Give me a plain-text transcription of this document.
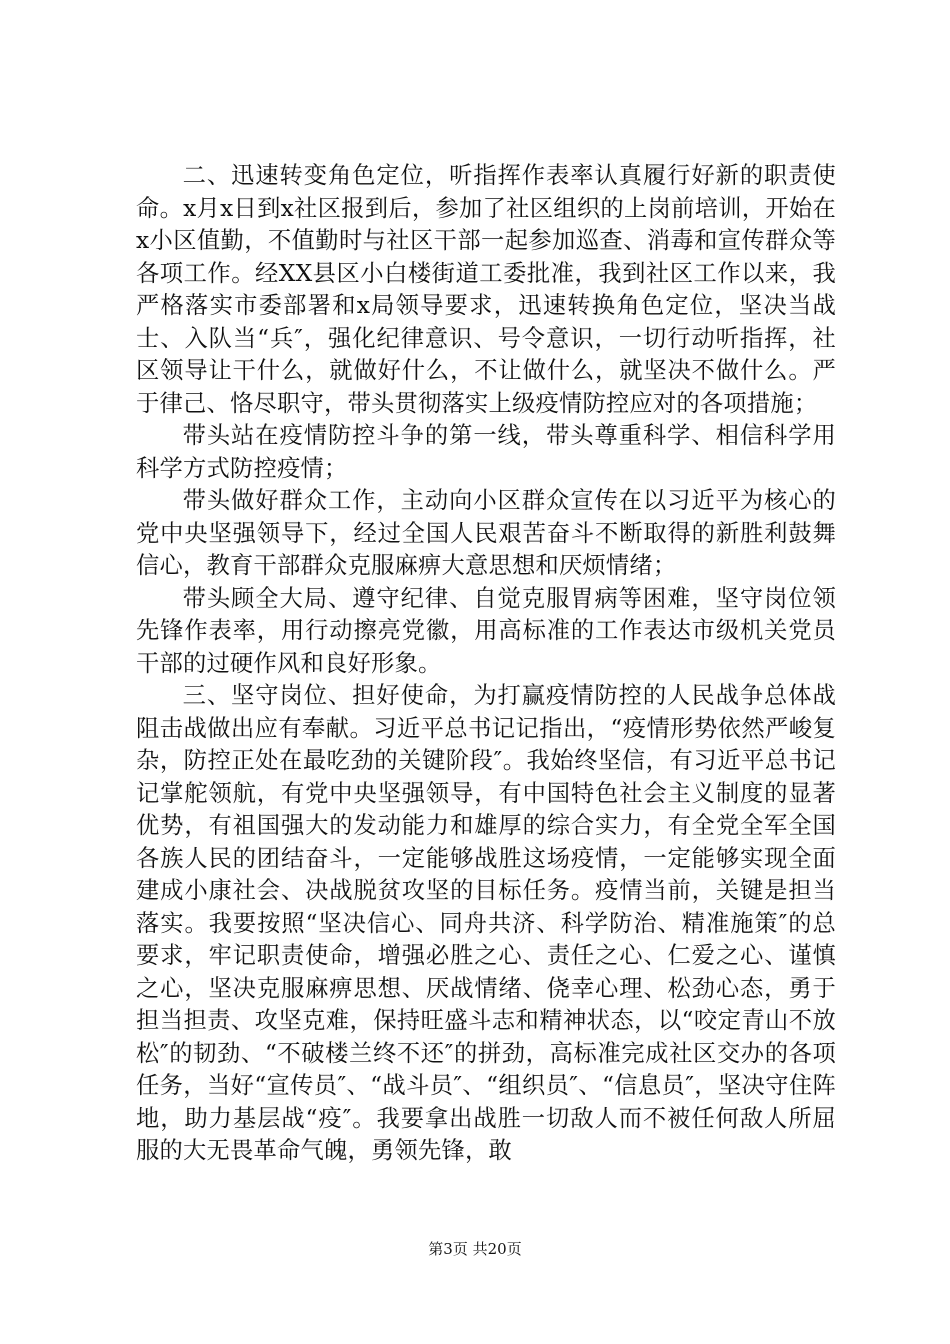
二、迅速转变角色定位，听指挥作表率认真履行好新的职责使命。x月x日到x社区报到后，参加了社区组织的上岗前培训，开始在x小区值勤，不值勤时与社区干部一起参加巡查、消毒和宣传群众等各项工作。经XX县区小白楼街道工委批准，我到社区工作以来，我严格落实市委部署和x局领导要求，迅速转换角色定位，坚决当战士、入队当“兵″，强化纪律意识、号令意识，一切行动听指挥，社区领导让干什么，就做好什么，不让做什么，就坚决不做什么。严于律己、恪尽职守，带头贯彻落实上级疫情防控应对的各项措施；

带头站在疫情防控斗争的第一线，带头尊重科学、相信科学用科学方式防控疫情；

带头做好群众工作，主动向小区群众宣传在以习近平为核心的党中央坚强领导下，经过全国人民艰苦奋斗不断取得的新胜利鼓舞信心，教育干部群众克服麻痹大意思想和厌烦情绪；

带头顾全大局、遵守纪律、自觉克服胃病等困难，坚守岗位领先锋作表率，用行动擦亮党徽，用高标准的工作表达市级机关党员干部的过硬作风和良好形象。

三、坚守岗位、担好使命，为打赢疫情防控的人民战争总体战阻击战做出应有奉献。习近平总书记记指出，“疫情形势依然严峻复杂，防控正处在最吃劲的关键阶段″。我始终坚信，有习近平总书记记掌舵领航，有党中央坚强领导，有中国特色社会主义制度的显著优势，有祖国强大的发动能力和雄厚的综合实力，有全党全军全国各族人民的团结奋斗，一定能够战胜这场疫情，一定能够实现全面建成小康社会、决战脱贫攻坚的目标任务。疫情当前，关键是担当落实。我要按照“坚决信心、同舟共济、科学防治、精准施策″的总要求，牢记职责使命，增强必胜之心、责任之心、仁爱之心、谨慎之心，坚决克服麻痹思想、厌战情绪、侥幸心理、松劲心态，勇于担当担责、攻坚克难，保持旺盛斗志和精神状态，以“咬定青山不放松″的韧劲、“不破楼兰终不还″的拼劲，高标准完成社区交办的各项任务，当好“宣传员″、“战斗员″、“组织员″、“信息员″，坚决守住阵地，助力基层战“疫″。我要拿出战胜一切敌人而不被任何敌人所屈服的大无畏革命气魄，勇领先锋，敢

第3页 共20页
